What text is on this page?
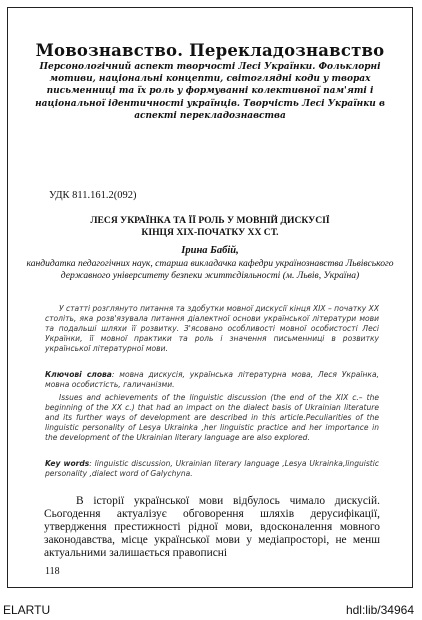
Мовознавство. Перекладознавство
Персонологічний аспект творчості Лесі Українки. Фольклорні мотиви, національні концепти, світоглядні коди у творах письменниці та їх роль у формуванні колективної пам'яті і національної ідентичності українців. Творчість Лесі Українки в аспекті перекладознавства
УДК 811.161.2(092)
ЛЕСЯ УКРАЇНКА ТА ЇЇ РОЛЬ У МОВНІЙ ДИСКУСІЇ
КІНЦЯ ХІХ-ПОЧАТКУ ХХ СТ.
Ірина Бабій,
кандидатка педагогічних наук, старша викладачка кафедри українознавства Львівського державного університету безпеки життєдіяльності (м. Львів, Україна)
У статті розглянуто питання та здобутки мовної дискусії кінця ХІХ – початку ХХ століть, яка розв'язувала питання діалектної основи української літератури мови та подальші шляхи її розвитку. З'ясовано особливості мовної особистості Лесі Українки, її мовної практики та роль і значення письменниці в розвитку української літературної мови.
Ключові слова: мовна дискусія, українська літературна мова, Леся Українка, мовна особистість, галичанізми.
Issues and achievements of the linguistic discussion (the end of the XIX c.– the beginning of the XX c.) that had an impact on the dialect basis of Ukrainian literature and its further ways of development are described in this article.Peculiarities of the linguistic personality of Lesya Ukrainka ,her linguistic practice and her importance in the development of the Ukrainian literary language are also explored.
Key words: linguistic discussion, Ukrainian literary language ,Lesya Ukrainka,linguistic personality ,dialect word of Galychyna.
В історії української мови відбулось чимало дискусій. Сьогодення актуалізує обговорення шляхів дерусифікації, утвердження престижності рідної мови, вдосконалення мовного законодавства, місце української мови у медіапросторі, не менш актуальними залишається правописні
118
ELARTU	hdl:lib/34964
